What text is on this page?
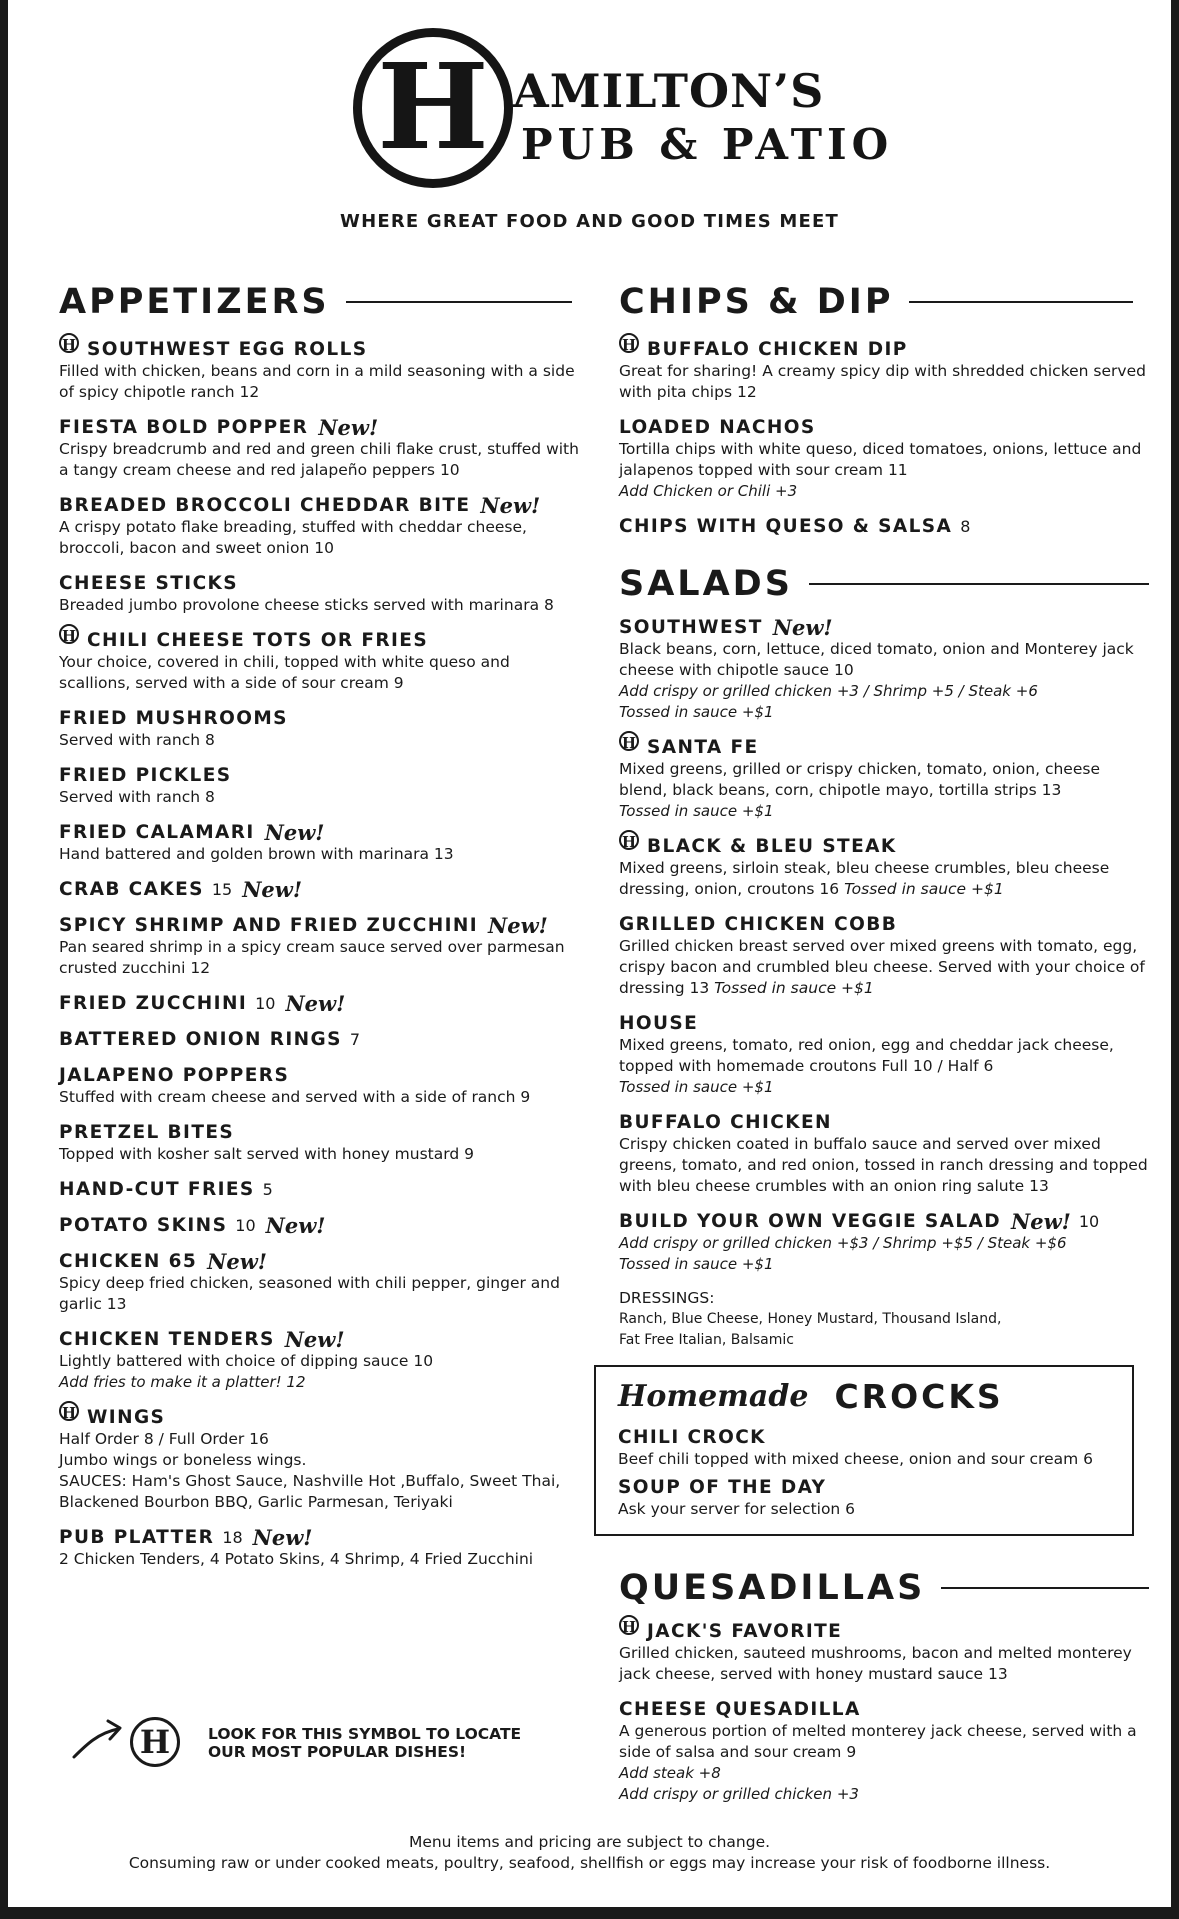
H AMILTON’S
PUB & PATIO
WHERE GREAT FOOD AND GOOD TIMES MEET
APPETIZERS
H SOUTHWEST EGG ROLLS
Filled with chicken, beans and corn in a mild seasoning with a side of spicy chipotle ranch 12
FIESTA BOLD POPPER New!
Crispy breadcrumb and red and green chili flake crust, stuffed with a tangy cream cheese and red jalapeño peppers 10
BREADED BROCCOLI CHEDDAR BITE New!
A crispy potato flake breading, stuffed with cheddar cheese, broccoli, bacon and sweet onion 10
CHEESE STICKS
Breaded jumbo provolone cheese sticks served with marinara 8
H CHILI CHEESE TOTS OR FRIES
Your choice, covered in chili, topped with white queso and scallions, served with a side of sour cream 9
FRIED MUSHROOMS
Served with ranch 8
FRIED PICKLES
Served with ranch 8
FRIED CALAMARI New!
Hand battered and golden brown with marinara 13
CRAB CAKES 15 New!
SPICY SHRIMP AND FRIED ZUCCHINI New!
Pan seared shrimp in a spicy cream sauce served over parmesan crusted zucchini 12
FRIED ZUCCHINI 10 New!
BATTERED ONION RINGS 7
JALAPENO POPPERS
Stuffed with cream cheese and served with a side of ranch 9
PRETZEL BITES
Topped with kosher salt served with honey mustard 9
HAND-CUT FRIES 5
POTATO SKINS 10 New!
CHICKEN 65 New!
Spicy deep fried chicken, seasoned with chili pepper, ginger and garlic 13
CHICKEN TENDERS New!
Lightly battered with choice of dipping sauce 10
Add fries to make it a platter! 12
H WINGS
Half Order 8 / Full Order 16
Jumbo wings or boneless wings.
SAUCES: Ham's Ghost Sauce, Nashville Hot ,Buffalo, Sweet Thai, Blackened Bourbon BBQ, Garlic Parmesan, Teriyaki
PUB PLATTER 18 New!
2 Chicken Tenders, 4 Potato Skins, 4 Shrimp, 4 Fried Zucchini
CHIPS & DIP
H BUFFALO CHICKEN DIP
Great for sharing! A creamy spicy dip with shredded chicken served with pita chips 12
LOADED NACHOS
Tortilla chips with white queso, diced tomatoes, onions, lettuce and jalapenos topped with sour cream 11
Add Chicken or Chili +3
CHIPS WITH QUESO & SALSA 8
SALADS
SOUTHWEST New!
Black beans, corn, lettuce, diced tomato, onion and Monterey jack cheese with chipotle sauce 10
Add crispy or grilled chicken +3 / Shrimp +5 / Steak +6
Tossed in sauce +$1
H SANTA FE
Mixed greens, grilled or crispy chicken, tomato, onion, cheese blend, black beans, corn, chipotle mayo, tortilla strips 13
Tossed in sauce +$1
H BLACK & BLEU STEAK
Mixed greens, sirloin steak, bleu cheese crumbles, bleu cheese dressing, onion, croutons 16 Tossed in sauce +$1
GRILLED CHICKEN COBB
Grilled chicken breast served over mixed greens with tomato, egg, crispy bacon and crumbled bleu cheese. Served with your choice of dressing 13 Tossed in sauce +$1
HOUSE
Mixed greens, tomato, red onion, egg and cheddar jack cheese, topped with homemade croutons Full 10 / Half 6
Tossed in sauce +$1
BUFFALO CHICKEN
Crispy chicken coated in buffalo sauce and served over mixed greens, tomato, and red onion, tossed in ranch dressing and topped with bleu cheese crumbles with an onion ring salute 13
BUILD YOUR OWN VEGGIE SALAD New! 10
Add crispy or grilled chicken +$3 / Shrimp +$5 / Steak +$6
Tossed in sauce +$1
DRESSINGS:
Ranch, Blue Cheese, Honey Mustard, Thousand Island,
Fat Free Italian, Balsamic
Homemade CROCKS
CHILI CROCK
Beef chili topped with mixed cheese, onion and sour cream 6
SOUP OF THE DAY
Ask your server for selection 6
QUESADILLAS
H JACK'S FAVORITE
Grilled chicken, sauteed mushrooms, bacon and melted monterey jack cheese, served with honey mustard sauce 13
CHEESE QUESADILLA
A generous portion of melted monterey jack cheese, served with a side of salsa and sour cream 9
Add steak +8
Add crispy or grilled chicken +3
H	LOOK FOR THIS SYMBOL TO LOCATE
OUR MOST POPULAR DISHES!
Menu items and pricing are subject to change.
Consuming raw or under cooked meats, poultry, seafood, shellfish or eggs may increase your risk of foodborne illness.
